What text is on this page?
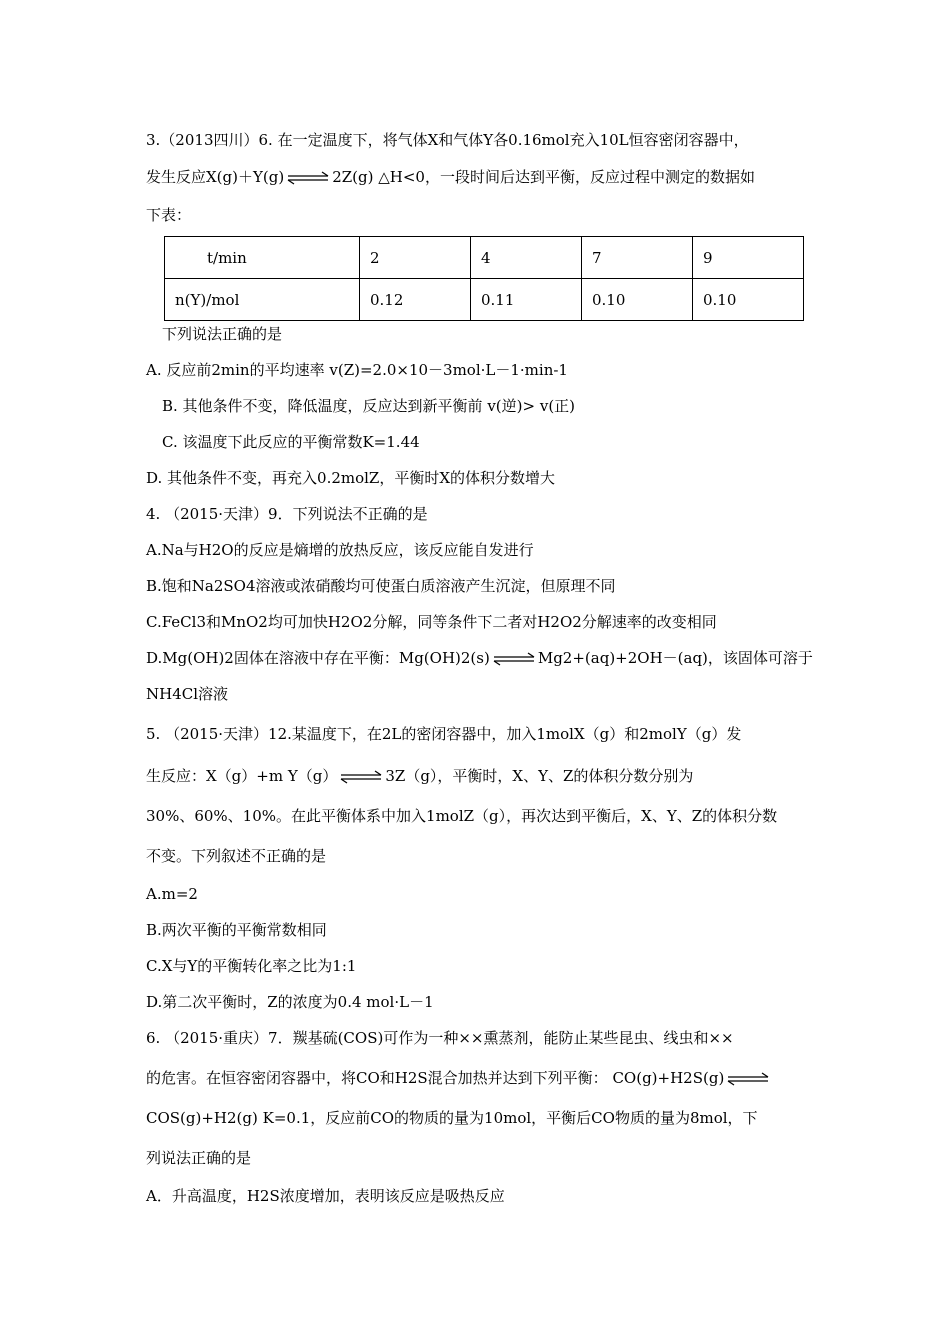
3.（2013四川）6. 在一定温度下，将气体X和气体Y各0.16mol充入10L恒容密闭容器中，
发生反应X(g)＋Y(g) ⇌ 2Z(g) △H<0，一段时间后达到平衡，反应过程中测定的数据如
下表：
t/min	2	4	7	9
n(Y)/mol	0.12	0.11	0.10	0.10
下列说法正确的是
A. 反应前2min的平均速率 v(Z)=2.0×10－3mol·L－1·min-1
B. 其他条件不变，降低温度，反应达到新平衡前 v(逆)> v(正)
C. 该温度下此反应的平衡常数K=1.44
D. 其他条件不变，再充入0.2molZ，平衡时X的体积分数增大
4. （2015·天津）9．下列说法不正确的是
A.Na与H2O的反应是熵增的放热反应，该反应能自发进行
B.饱和Na2SO4溶液或浓硝酸均可使蛋白质溶液产生沉淀，但原理不同
C.FeCl3和MnO2均可加快H2O2分解，同等条件下二者对H2O2分解速率的改变相同
D.Mg(OH)2固体在溶液中存在平衡：Mg(OH)2(s) ⇌ Mg2+(aq)+2OH－(aq)，该固体可溶于
NH4Cl溶液
5. （2015·天津）12.某温度下，在2L的密闭容器中，加入1molX（g）和2molY（g）发
生反应：X（g）+m Y（g） ⇌ 3Z（g），平衡时，X、Y、Z的体积分数分别为
30%、60%、10%。在此平衡体系中加入1molZ（g），再次达到平衡后，X、Y、Z的体积分数
不变。下列叙述不正确的是
A.m=2
B.两次平衡的平衡常数相同
C.X与Y的平衡转化率之比为1:1
D.第二次平衡时，Z的浓度为0.4 mol·L－1
6. （2015·重庆）7．羰基硫(COS)可作为一种××熏蒸剂，能防止某些昆虫、线虫和××
的危害。在恒容密闭容器中，将CO和H2S混合加热并达到下列平衡： CO(g)+H2S(g) ⇌
COS(g)+H2(g) K=0.1，反应前CO的物质的量为10mol，平衡后CO物质的量为8mol，下
列说法正确的是
A．升高温度，H2S浓度增加，表明该反应是吸热反应
